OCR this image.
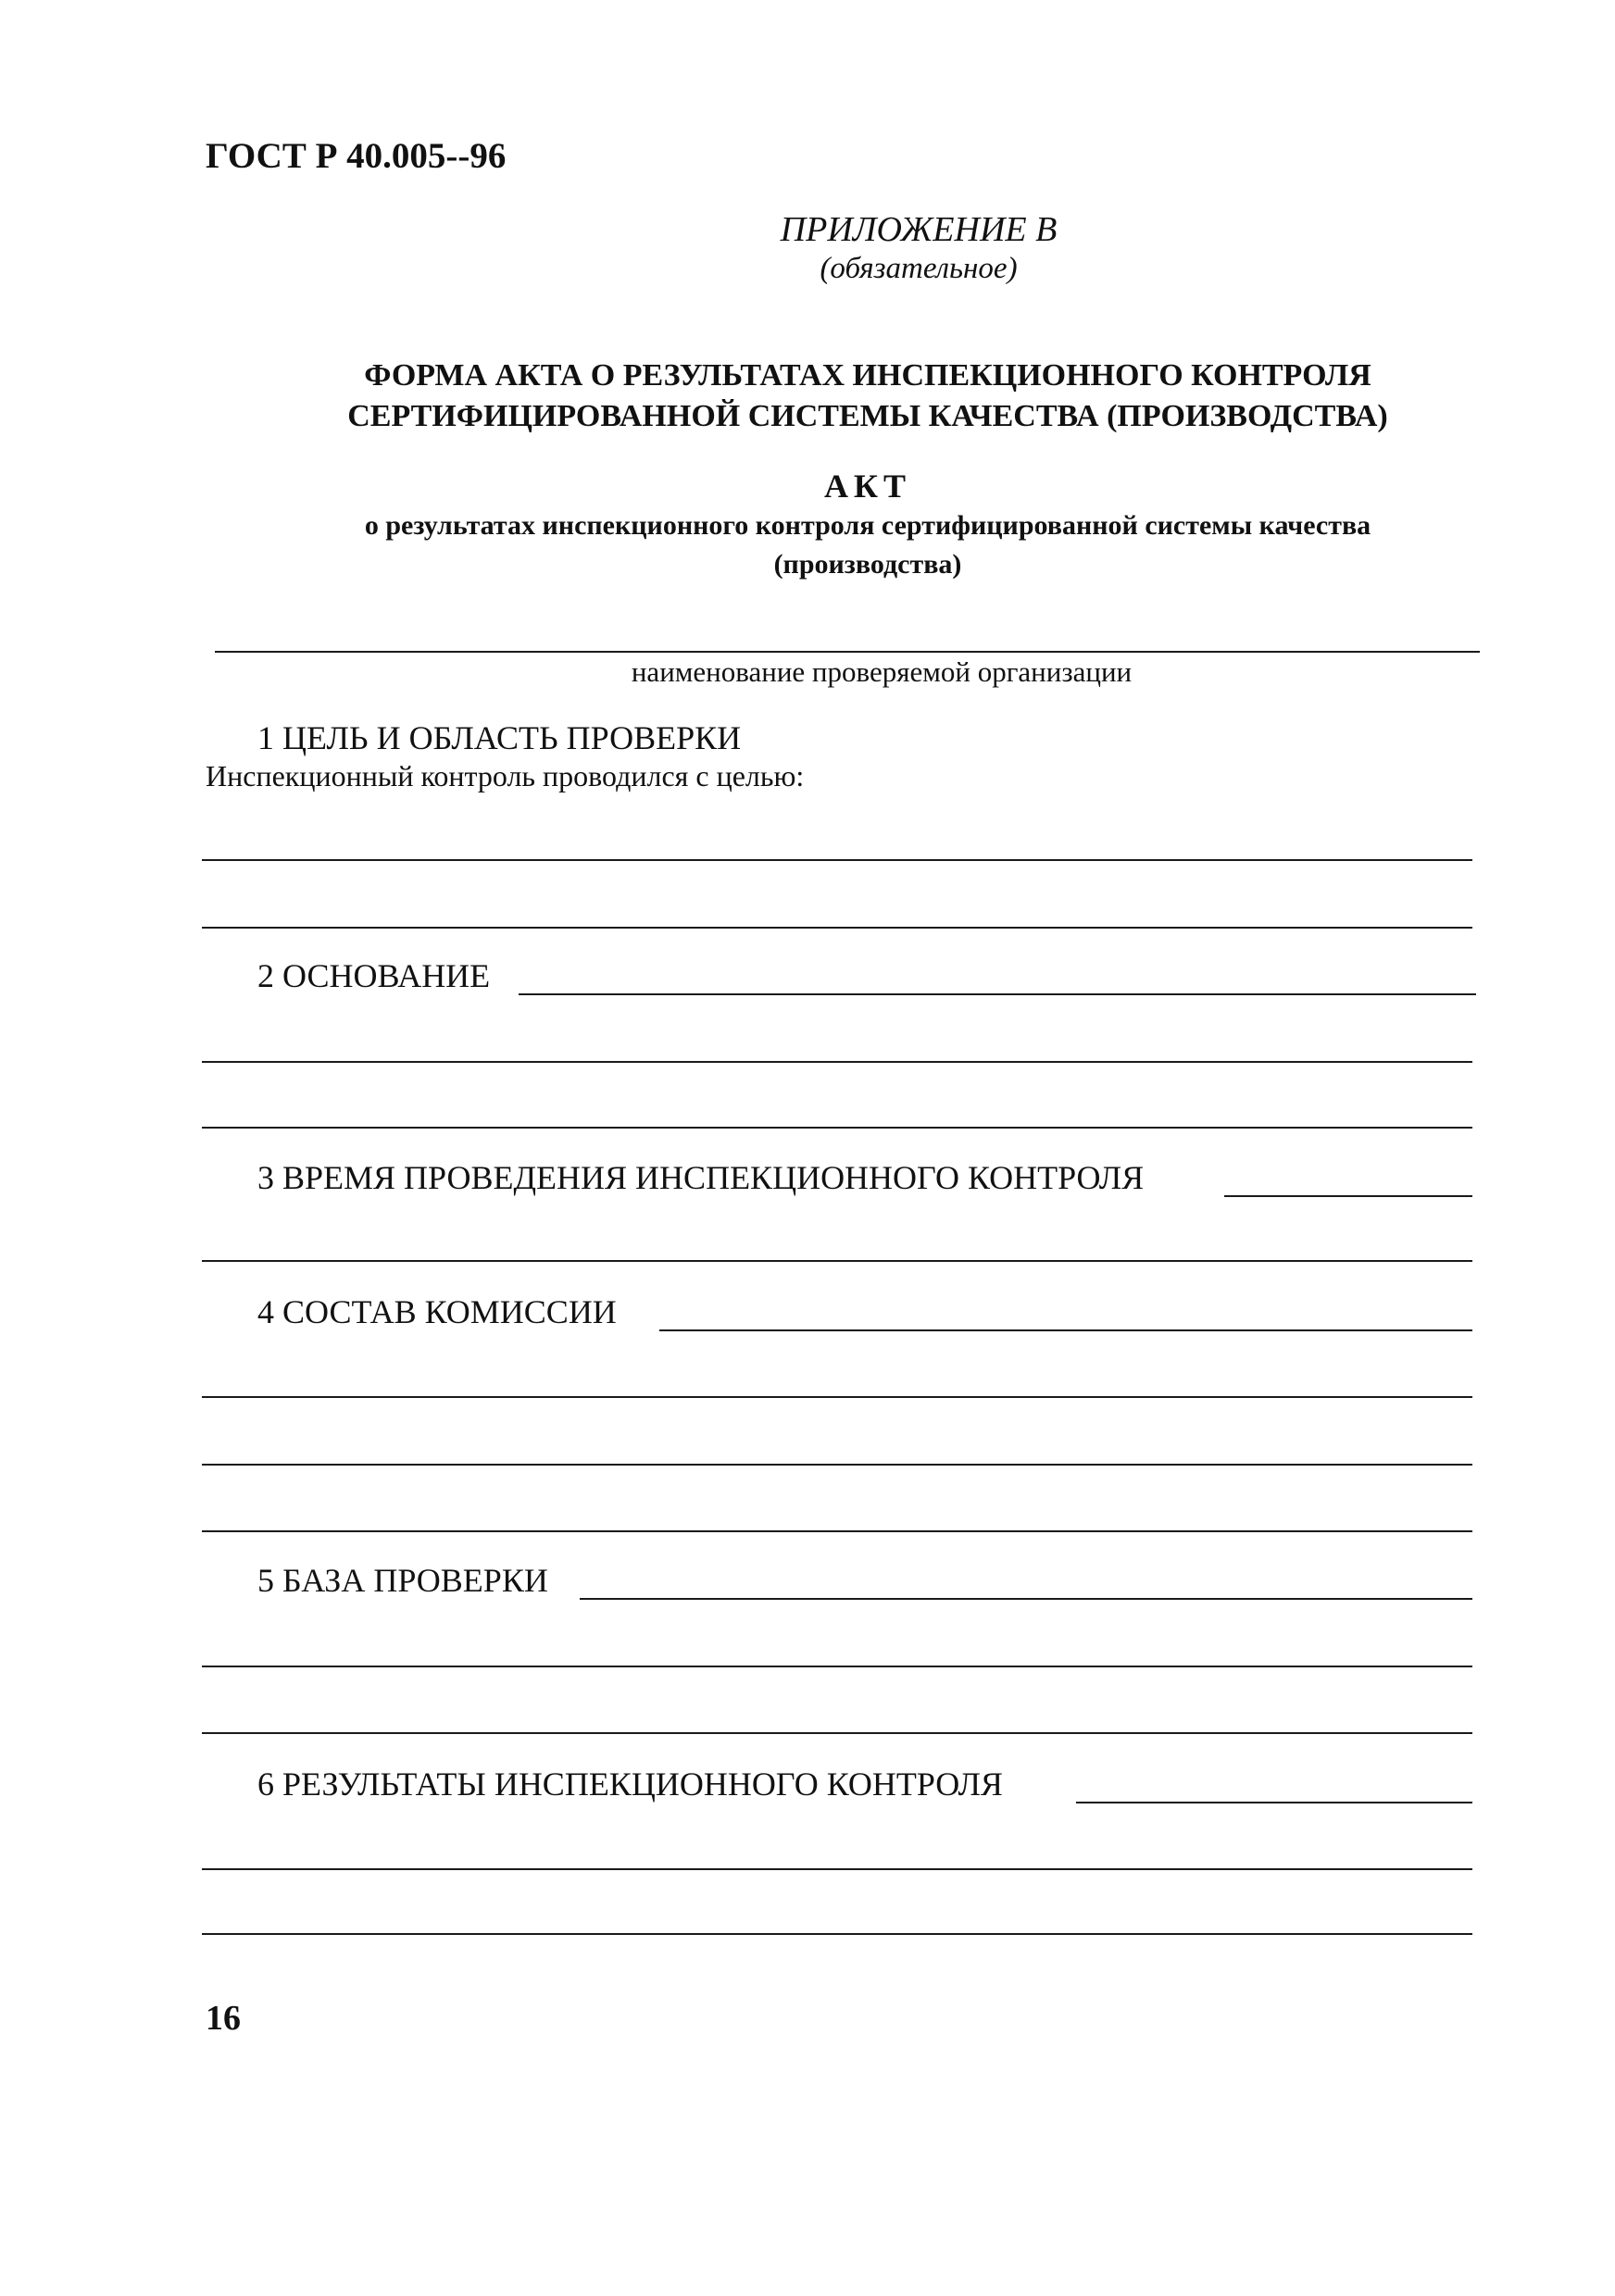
ГОСТ Р 40.005--96
ПРИЛОЖЕНИЕ В
(обязательное)
ФОРМА АКТА О РЕЗУЛЬТАТАХ ИНСПЕКЦИОННОГО КОНТРОЛЯ
СЕРТИФИЦИРОВАННОЙ СИСТЕМЫ КАЧЕСТВА (ПРОИЗВОДСТВА)
АКТ
о результатах инспекционного контроля сертифицированной системы качества
(производства)
наименование проверяемой организации
1 ЦЕЛЬ И ОБЛАСТЬ ПРОВЕРКИ
Инспекционный контроль проводился с целью:
2 ОСНОВАНИЕ
3 ВРЕМЯ ПРОВЕДЕНИЯ ИНСПЕКЦИОННОГО КОНТРОЛЯ
4 СОСТАВ КОМИССИИ
5 БАЗА ПРОВЕРКИ
6 РЕЗУЛЬТАТЫ ИНСПЕКЦИОННОГО КОНТРОЛЯ
16
